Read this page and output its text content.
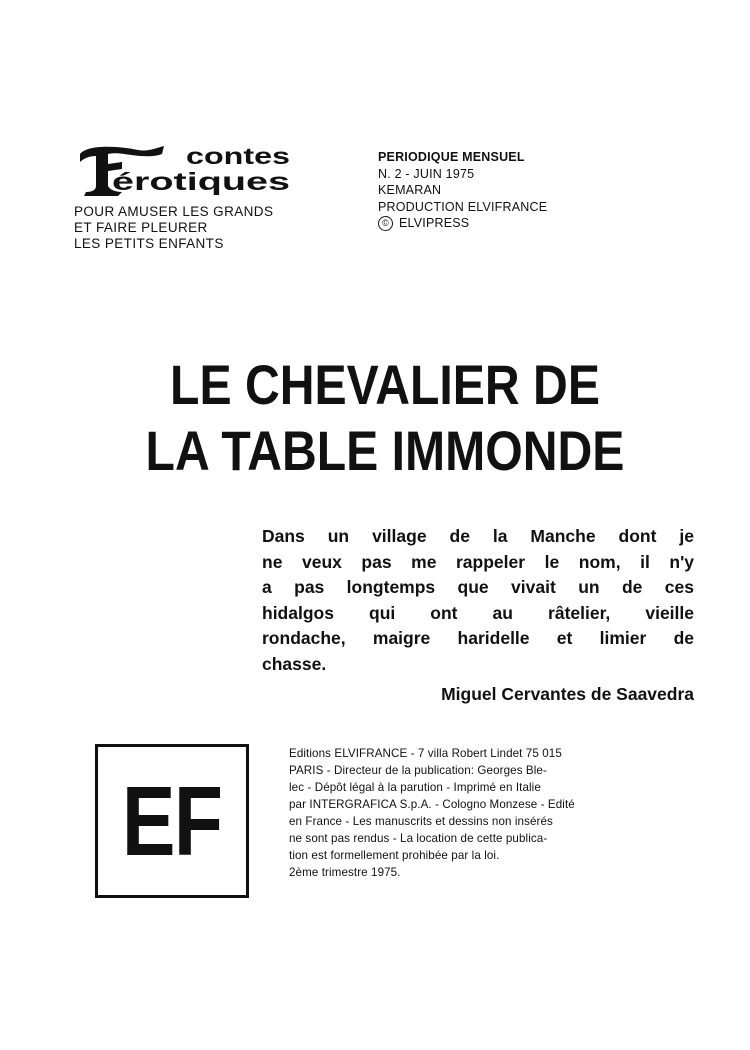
contes
érotiques
POUR AMUSER LES GRANDS
ET FAIRE PLEURER
LES PETITS ENFANTS
PERIODIQUE MENSUEL
N. 2 - JUIN 1975
KEMARAN
PRODUCTION ELVIFRANCE
© ELVIPRESS
LE CHEVALIER DE
LA TABLE IMMONDE
Dans un village de la Manche dont je
ne veux pas me rappeler le nom, il n'y
a pas longtemps que vivait un de ces
hidalgos qui ont au râtelier, vieille
rondache, maigre haridelle et limier de
chasse.
Miguel Cervantes de Saavedra
EF
Editions ELVIFRANCE - 7 villa Robert Lindet 75 015
PARIS - Directeur de la publication: Georges Ble-
lec - Dépôt légal à la parution - Imprimé en Italie
par INTERGRAFICA S.p.A. - Cologno Monzese - Edité
en France - Les manuscrits et dessins non insérés
ne sont pas rendus - La location de cette publica-
tion est formellement prohibée par la loi.
2ème trimestre 1975.
